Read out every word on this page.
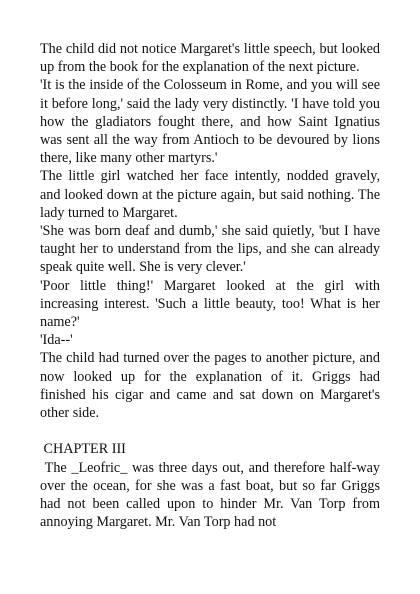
The child did not notice Margaret's little speech, but looked up from the book for the explanation of the next picture.

'It is the inside of the Colosseum in Rome, and you will see it before long,' said the lady very distinctly. 'I have told you how the gladiators fought there, and how Saint Ignatius was sent all the way from Antioch to be devoured by lions there, like many other martyrs.'

The little girl watched her face intently, nodded gravely, and looked down at the picture again, but said nothing. The lady turned to Margaret.

'She was born deaf and dumb,' she said quietly, 'but I have taught her to understand from the lips, and she can already speak quite well. She is very clever.'

'Poor little thing!' Margaret looked at the girl with increasing interest. 'Such a little beauty, too! What is her name?'

'Ida--'

The child had turned over the pages to another picture, and now looked up for the explanation of it. Griggs had finished his cigar and came and sat down on Margaret's other side.

CHAPTER III

The _Leofric_ was three days out, and therefore half-way over the ocean, for she was a fast boat, but so far Griggs had not been called upon to hinder Mr. Van Torp from annoying Margaret. Mr. Van Torp had not
